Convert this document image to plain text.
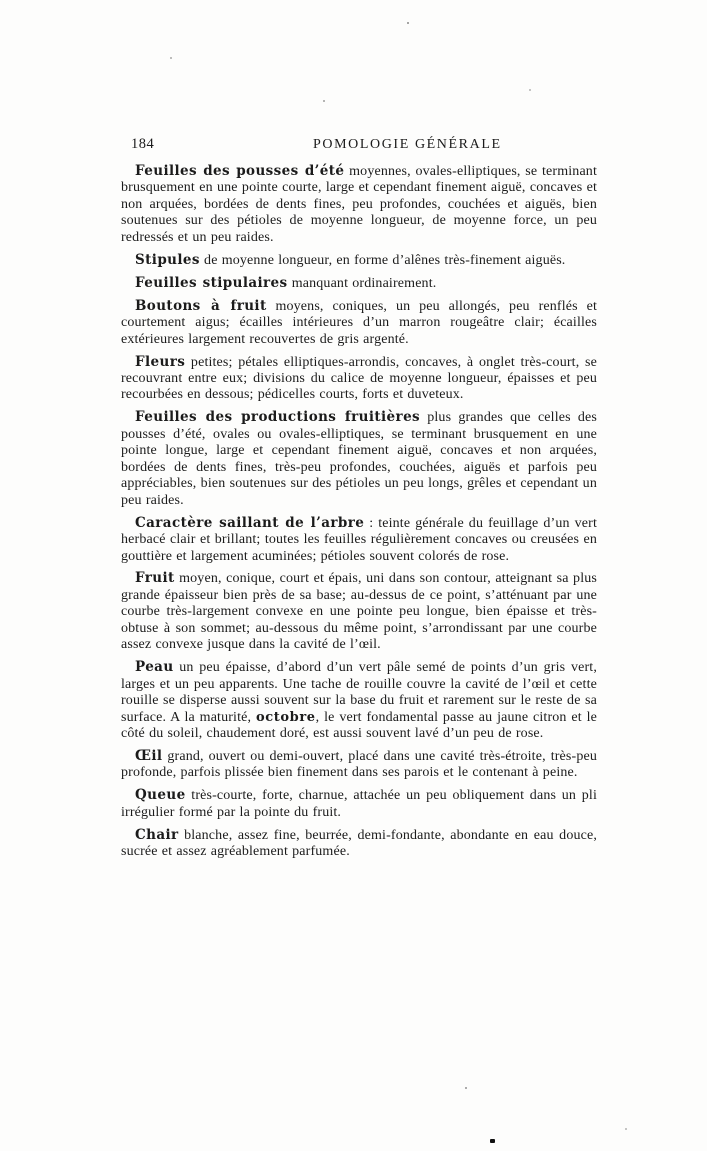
184	POMOLOGIE GÉNÉRALE

Feuilles des pousses d’été moyennes, ovales-elliptiques, se terminant brusquement en une pointe courte, large et cependant finement aiguë, concaves et non arquées, bordées de dents fines, peu profondes, couchées et aiguës, bien soutenues sur des pétioles de moyenne longueur, de moyenne force, un peu redressés et un peu raides.

Stipules de moyenne longueur, en forme d’alênes très-finement aiguës.

Feuilles stipulaires manquant ordinairement.

Boutons à fruit moyens, coniques, un peu allongés, peu renflés et courtement aigus; écailles intérieures d’un marron rougeâtre clair; écailles extérieures largement recouvertes de gris argenté.

Fleurs petites; pétales elliptiques-arrondis, concaves, à onglet très-court, se recouvrant entre eux; divisions du calice de moyenne longueur, épaisses et peu recourbées en dessous; pédicelles courts, forts et duveteux.

Feuilles des productions fruitières plus grandes que celles des pousses d’été, ovales ou ovales-elliptiques, se terminant brusquement en une pointe longue, large et cependant finement aiguë, concaves et non arquées, bordées de dents fines, très-peu profondes, couchées, aiguës et parfois peu appréciables, bien soutenues sur des pétioles un peu longs, grêles et cependant un peu raides.

Caractère saillant de l’arbre : teinte générale du feuillage d’un vert herbacé clair et brillant; toutes les feuilles régulièrement concaves ou creusées en gouttière et largement acuminées; pétioles souvent colorés de rose.

Fruit moyen, conique, court et épais, uni dans son contour, atteignant sa plus grande épaisseur bien près de sa base; au-dessus de ce point, s’atténuant par une courbe très-largement convexe en une pointe peu longue, bien épaisse et très-obtuse à son sommet; au-dessous du même point, s’arrondissant par une courbe assez convexe jusque dans la cavité de l’œil.

Peau un peu épaisse, d’abord d’un vert pâle semé de points d’un gris vert, larges et un peu apparents. Une tache de rouille couvre la cavité de l’œil et cette rouille se disperse aussi souvent sur la base du fruit et rarement sur le reste de sa surface. A la maturité, octobre, le vert fondamental passe au jaune citron et le côté du soleil, chaudement doré, est aussi souvent lavé d’un peu de rose.

Œil grand, ouvert ou demi-ouvert, placé dans une cavité très-étroite, très-peu profonde, parfois plissée bien finement dans ses parois et le contenant à peine.

Queue très-courte, forte, charnue, attachée un peu obliquement dans un pli irrégulier formé par la pointe du fruit.

Chair blanche, assez fine, beurrée, demi-fondante, abondante en eau douce, sucrée et assez agréablement parfumée.
